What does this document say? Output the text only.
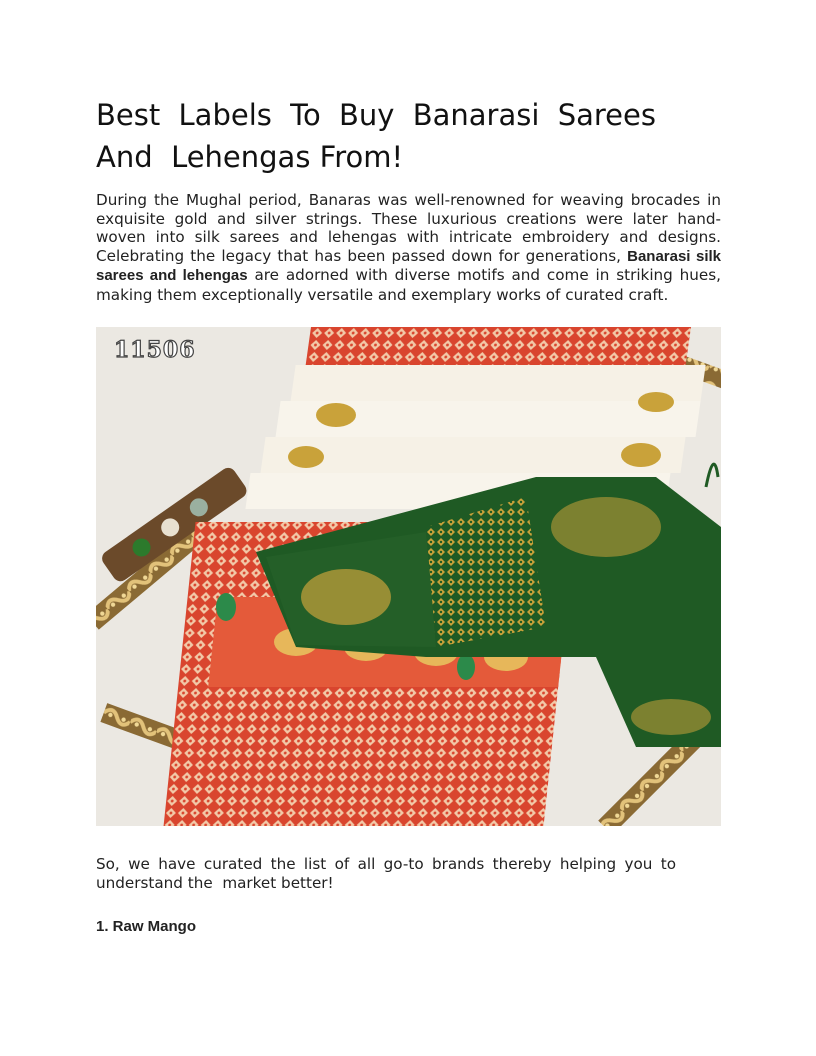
Best Labels To Buy Banarasi Sarees
And  Lehengas From!

During the Mughal period, Banaras was well-renowned for weaving brocades in exquisite gold and silver strings. These luxurious creations were later hand-woven into silk sarees and lehengas with intricate embroidery and designs. Celebrating the legacy that has been passed down for generations, Banarasi silk sarees and lehengas are adorned with diverse motifs and come in striking hues, making them exceptionally versatile and exemplary works of curated craft.

11506

So, we have curated the list of all go-to brands thereby helping you to understand the  market better!

1. Raw Mango
